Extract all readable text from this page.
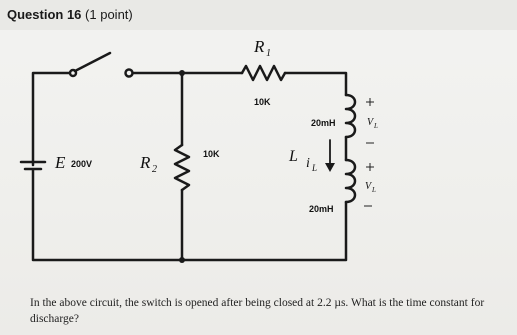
Question 16 (1 point)
E 200V	R 2
10K
R 1
10K
20mH
L i L
20mH
V L
V L
In the above circuit, the switch is opened after being closed at 2.2 µs. What is the time constant for discharge?
